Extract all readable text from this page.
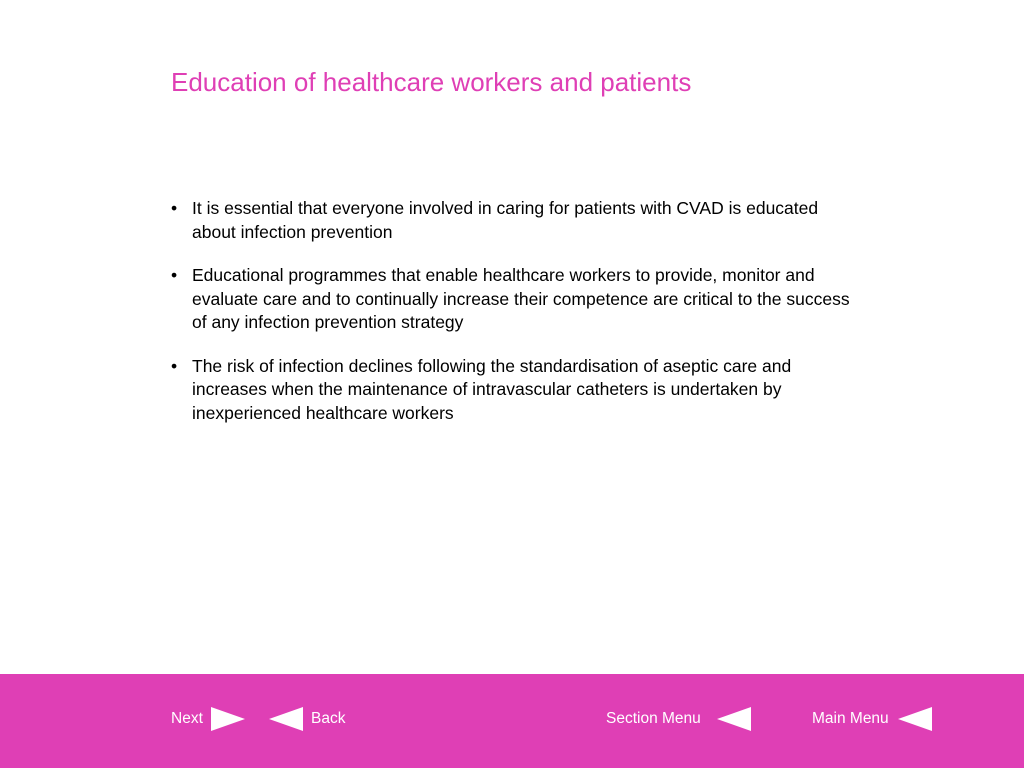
Education of healthcare workers and patients
• It is essential that everyone involved in caring for patients with CVAD is educated about infection prevention
• Educational programmes that enable healthcare workers to provide, monitor and evaluate care and to continually increase their competence are critical to the success of any infection prevention strategy
• The risk of infection declines following the standardisation of aseptic care and increases when the maintenance of intravascular catheters is undertaken by inexperienced healthcare workers
Next	Back	Section Menu	Main Menu
